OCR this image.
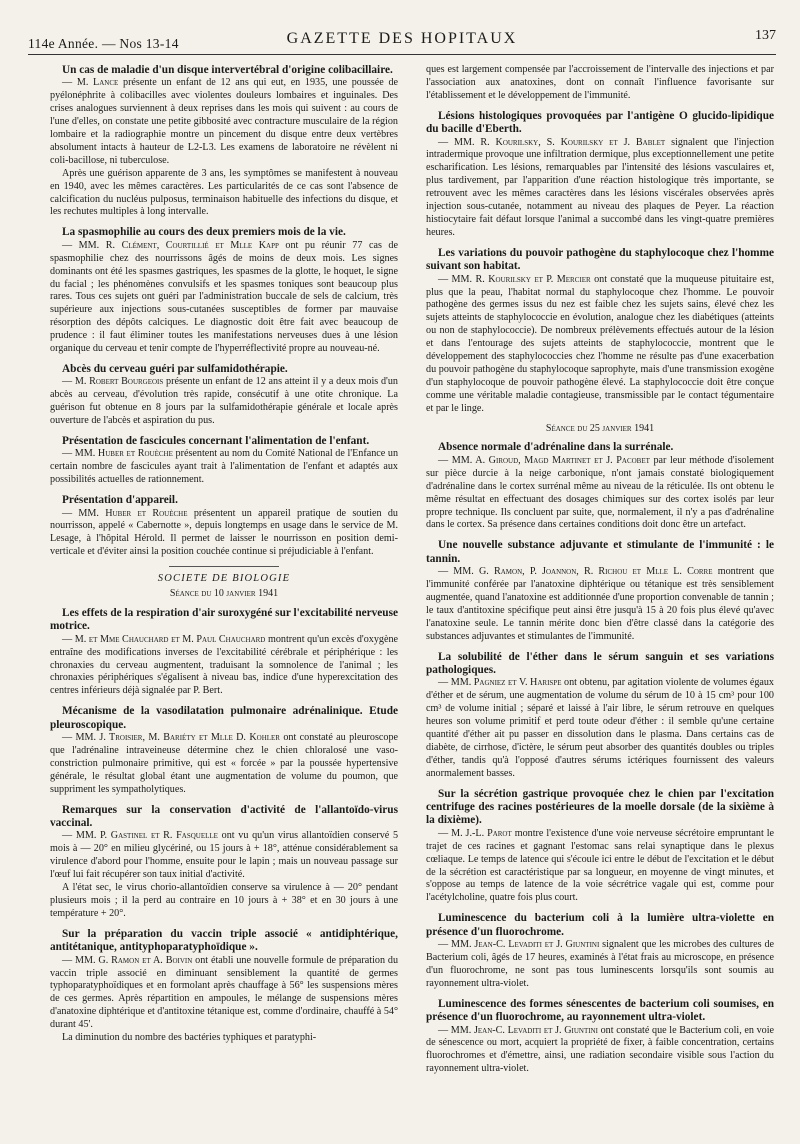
114e Année. — Nos 13-14	GAZETTE DES HOPITAUX	137
Un cas de maladie d'un disque intervertébral d'origine colibacillaire.

— M. Lance présente un enfant de 12 ans qui eut, en 1935, une poussée de pyélonéphrite à colibacilles avec violentes douleurs lombaires et inguinales. Des crises analogues surviennent à deux reprises dans les mois qui suivent : au cours de l'une d'elles, on constate une petite gibbosité avec contracture musculaire de la région lombaire et la radiographie montre un pincement du disque entre deux vertèbres absolument intacts à hauteur de L2-L3. Les examens de laboratoire ne révèlent ni coli-bacillose, ni tuberculose.

Après une guérison apparente de 3 ans, les symptômes se manifestent à nouveau en 1940, avec les mêmes caractères. Les particularités de ce cas sont l'absence de calcification du nucléus pulposus, terminaison habituelle des infections du disque, et les rechutes multiples à long intervalle.

La spasmophilie au cours des deux premiers mois de la vie.

— MM. R. Clément, Courtillié et Mlle Kapp ont pu réunir 77 cas de spasmophilie chez des nourrissons âgés de moins de deux mois. Les signes dominants ont été les spasmes gastriques, les spasmes de la glotte, le hoquet, le signe du facial ; les phénomènes convulsifs et les spasmes toniques sont beaucoup plus rares. Tous ces sujets ont guéri par l'administration buccale de sels de calcium, très supérieure aux injections sous-cutanées susceptibles de former par mauvaise résorption des dépôts calciques. Le diagnostic doit être fait avec beaucoup de prudence : il faut éliminer toutes les manifestations nerveuses dues à une lésion organique du cerveau et tenir compte de l'hyperréflectivité propre au nouveau-né.

Abcès du cerveau guéri par sulfamidothérapie.

— M. Robert Bourgeois présente un enfant de 12 ans atteint il y a deux mois d'un abcès au cerveau, d'évolution très rapide, consécutif à une otite chronique. La guérison fut obtenue en 8 jours par la sulfamidothérapie générale et locale après ouverture de l'abcès et aspiration du pus.

Présentation de fascicules concernant l'alimentation de l'enfant.

— MM. Huber et Rouèche présentent au nom du Comité National de l'Enfance un certain nombre de fascicules ayant trait à l'alimentation de l'enfant et adaptés aux possibilités actuelles de rationnement.

Présentation d'appareil.

— MM. Huber et Rouèche présentent un appareil pratique de soutien du nourrisson, appelé « Cabernotte », depuis longtemps en usage dans le service de M. Lesage, à l'hôpital Hérold. Il permet de laisser le nourrisson en position demi-verticale et d'éviter ainsi la position couchée continue si préjudiciable à l'enfant.

SOCIETE DE BIOLOGIE
Séance du 10 janvier 1941
Les effets de la respiration d'air suroxygéné sur l'excitabilité nerveuse motrice.

— M. et Mme Chauchard et M. Paul Chauchard montrent qu'un excès d'oxygène entraîne des modifications inverses de l'excitabilité cérébrale et périphérique : les chronaxies du cerveau augmentent, traduisant la somnolence de l'animal ; les chronaxies périphériques s'égalisent à niveau bas, indice d'une hyperexcitation des centres inférieurs déjà signalée par P. Bert.

Mécanisme de la vasodilatation pulmonaire adrénalinique. Etude pleuroscopique.

— MM. J. Troisier, M. Bariéty et Mlle D. Kohler ont constaté au pleuroscope que l'adrénaline intraveineuse détermine chez le chien chloralosé une vaso-constriction pulmonaire primitive, qui est « forcée » par la poussée hypertensive générale, le résultat global étant une augmentation de volume du poumon, que suppriment les sympatholytiques.

Remarques sur la conservation d'activité de l'allantoïdo-virus vaccinal.

— MM. P. Gastinel et R. Fasquelle ont vu qu'un virus allantoïdien conservé 5 mois à — 20° en milieu glycériné, ou 15 jours à + 18°, atténue considérablement sa virulence d'abord pour l'homme, ensuite pour le lapin ; mais un nouveau passage sur l'œuf lui fait récupérer son taux initial d'activité.

A l'état sec, le virus chorio-allantoïdien conserve sa virulence à — 20° pendant plusieurs mois ; il la perd au contraire en 10 jours à + 38° et en 30 jours à une température + 20°.

Sur la préparation du vaccin triple associé « antidiphtérique, antitétanique, antityphoparatyphoïdique ».

— MM. G. Ramon et A. Boivin ont établi une nouvelle formule de préparation du vaccin triple associé en diminuant sensiblement la quantité de germes typhoparatyphoïdiques et en formolant après chauffage à 56° les suspensions mères de ces germes. Après répartition en ampoules, le mélange de suspensions mères d'anatoxine diphtérique et d'antitoxine tétanique est, comme d'ordinaire, chauffé à 54° durant 45'.

La diminution du nombre des bactéries typhiques et paratyphi-

ques est largement compensée par l'accroissement de l'intervalle des injections et par l'association aux anatoxines, dont on connaît l'influence favorisante sur l'établissement et le développement de l'immunité.

Lésions histologiques provoquées par l'antigène O glucido-lipidique du bacille d'Eberth.

— MM. R. Kourilsky, S. Kourilsky et J. Bablet signalent que l'injection intradermique provoque une infiltration dermique, plus exceptionnellement une petite escharification. Les lésions, remarquables par l'intensité des lésions vasculaires et, plus tardivement, par l'apparition d'une réaction histologique très importante, se retrouvent avec les mêmes caractères dans les lésions viscérales observées après injection sous-cutanée, notamment au niveau des plaques de Peyer. La réaction histiocytaire fait défaut lorsque l'animal a succombé dans les vingt-quatre premières heures.

Les variations du pouvoir pathogène du staphylocoque chez l'homme suivant son habitat.

— MM. R. Kourilsky et P. Mercier ont constaté que la muqueuse pituitaire est, plus que la peau, l'habitat normal du staphylocoque chez l'homme. Le pouvoir pathogène des germes issus du nez est faible chez les sujets sains, élevé chez les sujets atteints de staphylococcie en évolution, analogue chez les diabétiques (atteints ou non de staphylococcie). De nombreux prélèvements effectués autour de la lésion et dans l'entourage des sujets atteints de staphylococcie, montrent que le développement des staphylococcies chez l'homme ne résulte pas d'une exacerbation du pouvoir pathogène du staphylocoque saprophyte, mais d'une transmission exogène d'un staphylocoque de pouvoir pathogène élevé. La staphylococcie doit être conçue comme une véritable maladie contagieuse, transmissible par le contact tégumentaire et par le linge.

Séance du 25 janvier 1941
Absence normale d'adrénaline dans la surrénale.

— MM. A. Giroud, Magd Martinet et J. Pacobet par leur méthode d'isolement sur pièce durcie à la neige carbonique, n'ont jamais constaté biologiquement d'adrénaline dans le cortex surrénal même au niveau de la réticulée. Ils ont obtenu le même résultat en effectuant des dosages chimiques sur des cortex isolés par leur propre technique. Ils concluent par suite, que, normalement, il n'y a pas d'adrénaline dans le cortex. Sa présence dans certaines conditions doit donc être un artefact.

Une nouvelle substance adjuvante et stimulante de l'immunité : le tannin.

— MM. G. Ramon, P. Joannon, R. Richou et Mlle L. Corre montrent que l'immunité conférée par l'anatoxine diphtérique ou tétanique est très sensiblement augmentée, quand l'anatoxine est additionnée d'une proportion convenable de tannin ; le taux d'antitoxine spécifique peut ainsi être jusqu'à 15 à 20 fois plus élevé qu'avec l'anatoxine seule. Le tannin mérite donc bien d'être classé dans la catégorie des substances adjuvantes et stimulantes de l'immunité.

La solubilité de l'éther dans le sérum sanguin et ses variations pathologiques.

— MM. Pagniez et V. Harispe ont obtenu, par agitation violente de volumes égaux d'éther et de sérum, une augmentation de volume du sérum de 10 à 15 cm³ pour 100 cm³ de volume initial ; séparé et laissé à l'air libre, le sérum retrouve en quelques heures son volume primitif et perd toute odeur d'éther : il semble qu'une certaine quantité d'éther ait pu passer en dissolution dans le plasma. Dans certains cas de diabète, de cirrhose, d'ictère, le sérum peut absorber des quantités doubles ou triples d'éther, tandis qu'à l'opposé d'autres sérums ictériques fournissent des valeurs anormalement basses.

Sur la sécrétion gastrique provoquée chez le chien par l'excitation centrifuge des racines postérieures de la moelle dorsale (de la sixième à la dixième).

— M. J.-L. Parot montre l'existence d'une voie nerveuse sécrétoire empruntant le trajet de ces racines et gagnant l'estomac sans relai synaptique dans le plexus cœliaque. Le temps de latence qui s'écoule ici entre le début de l'excitation et le début de la sécrétion est caractéristique par sa longueur, en moyenne de vingt minutes, et s'oppose au temps de latence de la voie sécrétrice vagale qui est, comme pour l'acétylcholine, quatre fois plus court.

Luminescence du bacterium coli à la lumière ultra-violette en présence d'un fluorochrome.

— MM. Jean-C. Levaditi et J. Giuntini signalent que les microbes des cultures de Bacterium coli, âgés de 17 heures, examinés à l'état frais au microscope, en présence d'un fluorochrome, ne sont pas tous luminescents lorsqu'ils sont soumis au rayonnement ultra-violet.

Luminescence des formes sénescentes de bacterium coli soumises, en présence d'un fluorochrome, au rayonnement ultra-violet.

— MM. Jean-C. Levaditi et J. Giuntini ont constaté que le Bacterium coli, en voie de sénescence ou mort, acquiert la propriété de fixer, à faible concentration, certains fluorochromes et d'émettre, ainsi, une radiation secondaire visible sous l'action du rayonnement ultra-violet.
